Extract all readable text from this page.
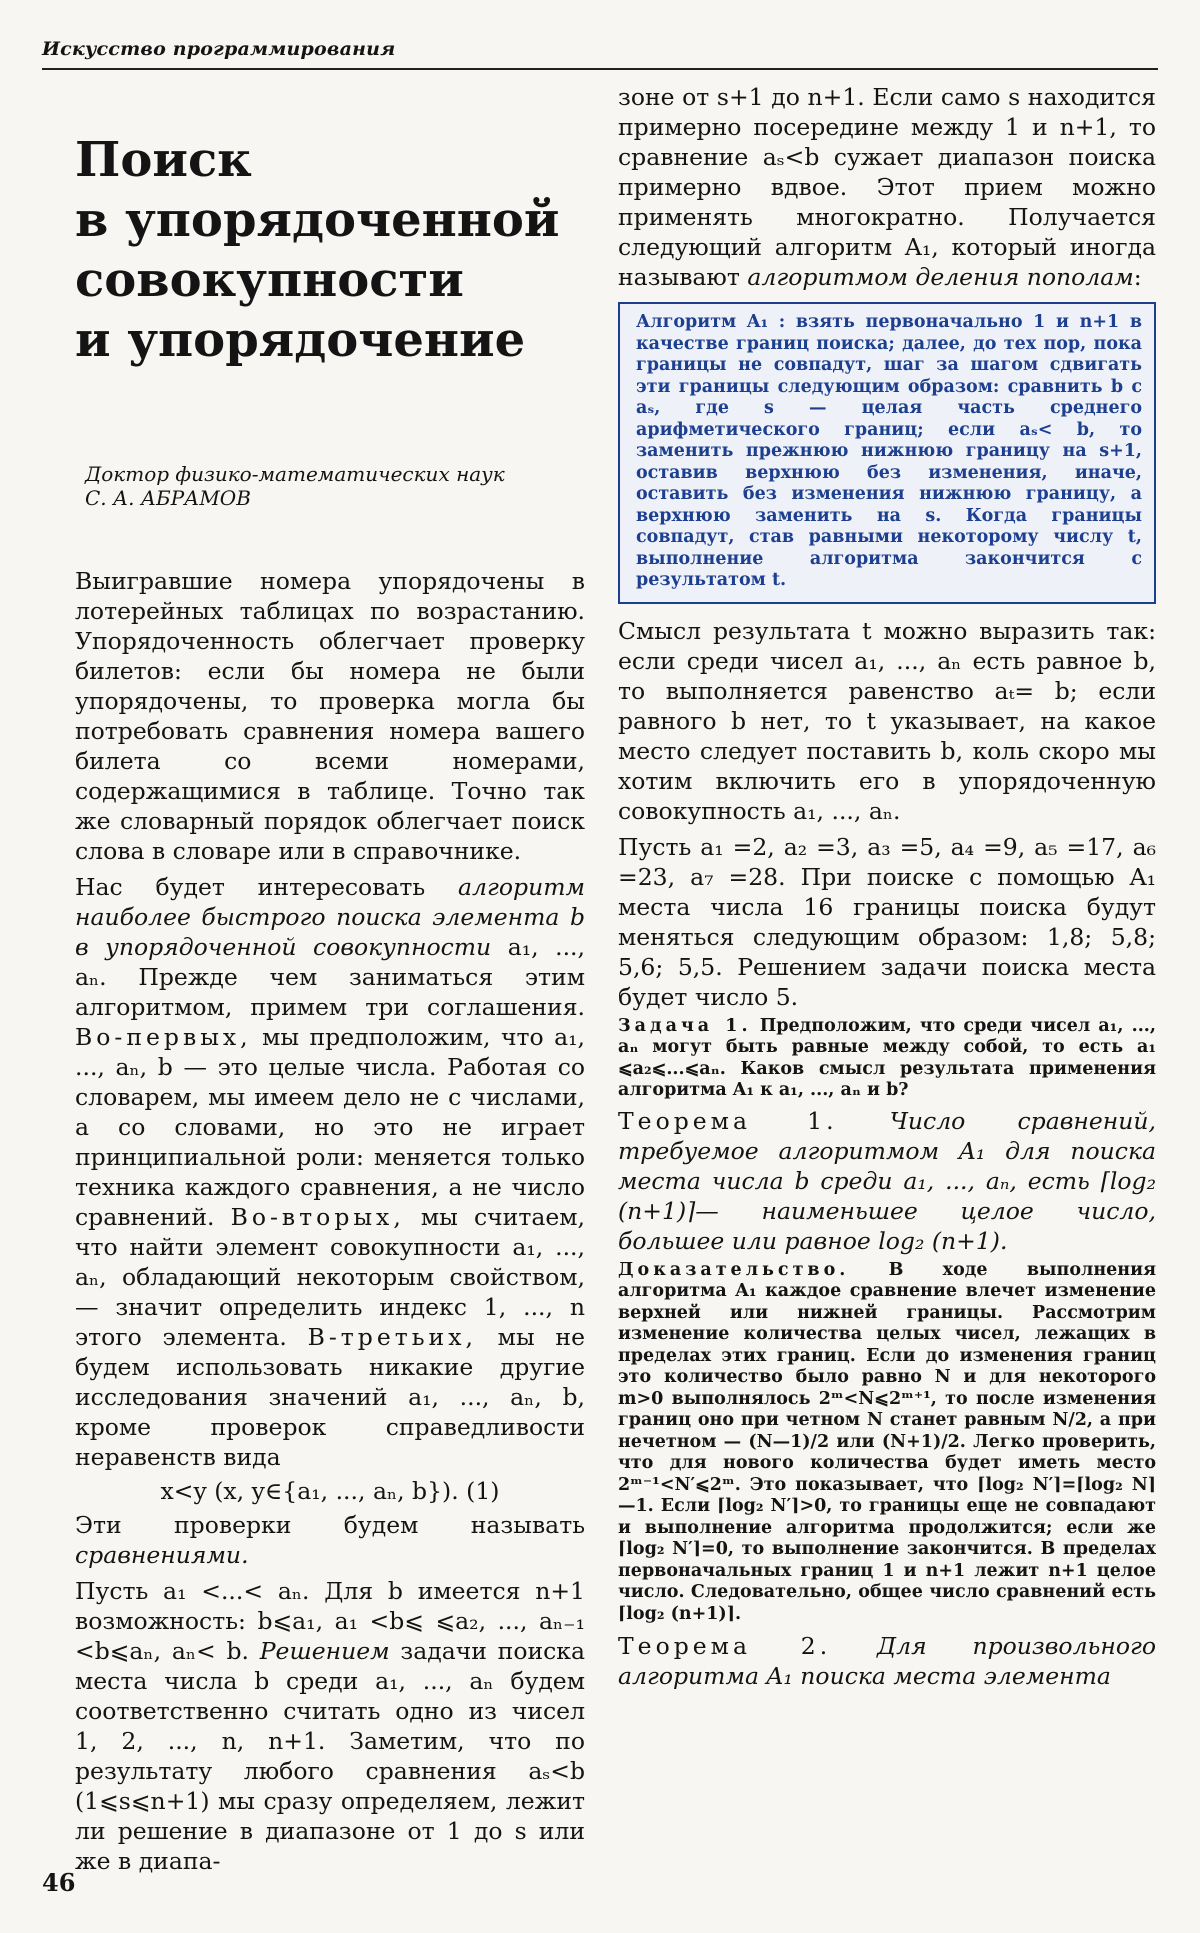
Искусство программирования
Поиск
в упорядоченной
совокупности
и упорядочение
Доктор физико-математических наук
С. А. АБРАМОВ

Выигравшие номера упорядочены в лотерейных таблицах по возрастанию. Упорядоченность облегчает проверку билетов: если бы номера не были упорядочены, то проверка могла бы потребовать сравнения номера вашего билета со всеми номерами, содержащимися в таблице. Точно так же словарный порядок облегчает поиск слова в словаре или в справочнике.

Нас будет интересовать алгоритм наиболее быстрого поиска элемента b в упорядоченной совокупности a₁, ..., aₙ. Прежде чем заниматься этим алгоритмом, примем три соглашения. Во-первых, мы предположим, что a₁, ..., aₙ, b — это целые числа. Работая со словарем, мы имеем дело не с числами, а со словами, но это не играет принципиальной роли: меняется только техника каждого сравнения, а не число сравнений. Во-вторых, мы считаем, что найти элемент совокупности a₁, ..., aₙ, обладающий некоторым свойством, — значит определить индекс 1, ..., n этого элемента. В-третьих, мы не будем использовать никакие другие исследования значений a₁, ..., aₙ, b, кроме проверок справедливости неравенств вида

x<y (x, y∈{a₁, ..., aₙ, b}). (1)

Эти проверки будем называть сравнениями.

Пусть a₁ <...< aₙ. Для b имеется n+1 возможность: b⩽a₁, a₁ <b⩽ ⩽a₂, ..., aₙ₋₁ <b⩽aₙ, aₙ< b. Решением задачи поиска места числа b среди a₁, ..., aₙ будем соответственно считать одно из чисел 1, 2, ..., n, n+1. Заметим, что по результату любого сравнения aₛ<b (1⩽s⩽n+1) мы сразу определяем, лежит ли решение в диапазоне от 1 до s или же в диапа-

зоне от s+1 до n+1. Если само s находится примерно посередине между 1 и n+1, то сравнение aₛ<b сужает диапазон поиска примерно вдвое. Этот прием можно применять многократно. Получается следующий алгоритм A₁, который иногда называют алгоритмом деления пополам:

Алгоритм A₁ : взять первоначально 1 и n+1 в качестве границ поиска; далее, до тех пор, пока границы не совпадут, шаг за шагом сдвигать эти границы следующим образом: сравнить b с aₛ, где s — целая часть среднего арифметического границ; если aₛ< b, то заменить прежнюю нижнюю границу на s+1, оставив верхнюю без изменения, иначе, оставить без изменения нижнюю границу, а верхнюю заменить на s. Когда границы совпадут, став равными некоторому числу t, выполнение алгоритма закончится с результатом t.

Смысл результата t можно выразить так: если среди чисел a₁, ..., aₙ есть равное b, то выполняется равенство aₜ= b; если равного b нет, то t указывает, на какое место следует поставить b, коль скоро мы хотим включить его в упорядоченную совокупность a₁, ..., aₙ.

Пусть a₁ =2, a₂ =3, a₃ =5, a₄ =9, a₅ =17, a₆ =23, a₇ =28. При поиске с помощью A₁ места числа 16 границы поиска будут меняться следующим образом: 1,8; 5,8; 5,6; 5,5. Решением задачи поиска места будет число 5.

Задача 1. Предположим, что среди чисел a₁, ..., aₙ могут быть равные между собой, то есть a₁ ⩽a₂⩽...⩽aₙ. Каков смысл результата применения алгоритма A₁ к a₁, ..., aₙ и b?
Теорема 1. Число сравнений, требуемое алгоритмом A₁ для поиска места числа b среди a₁, ..., aₙ, есть ⌈log₂ (n+1)⌉— наименьшее целое число, большее или равное log₂ (n+1).
Доказательство. В ходе выполнения алгоритма A₁ каждое сравнение влечет изменение верхней или нижней границы. Рассмотрим изменение количества целых чисел, лежащих в пределах этих границ. Если до изменения границ это количество было равно N и для некоторого m>0 выполнялось 2ᵐ<N⩽2ᵐ⁺¹, то после изменения границ оно при четном N станет равным N/2, а при нечетном — (N—1)/2 или (N+1)/2. Легко проверить, что для нового количества будет иметь место 2ᵐ⁻¹<N′⩽2ᵐ. Это показывает, что ⌈log₂ N′⌉=⌈log₂ N⌉—1. Если ⌈log₂ N′⌉>0, то границы еще не совпадают и выполнение алгоритма продолжится; если же ⌈log₂ N′⌉=0, то выполнение закончится. В пределах первоначальных границ 1 и n+1 лежит n+1 целое число. Следовательно, общее число сравнений есть ⌈log₂ (n+1)⌉.
Теорема 2. Для произвольного алгоритма A₁ поиска места элемента
46
